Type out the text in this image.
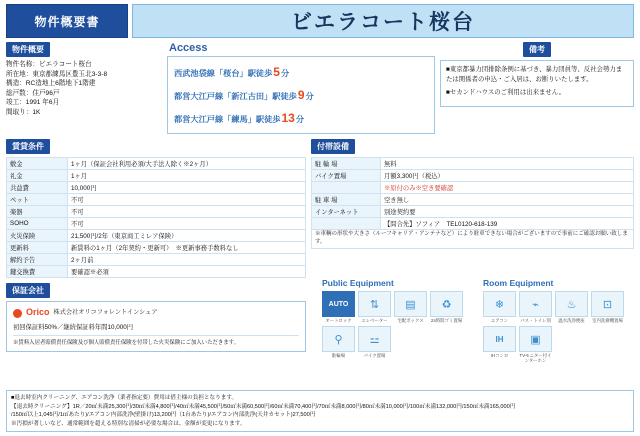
物件概要書	ビエラコート桜台
物件概要
物件名称：ビエラコート桜台
所在地：東京都練馬区豊玉北3‐3‐8
構造：RC造地上6階地下1階建
総戸数：住戸96戸
竣工：1991 年6月
間取り：1K
Access
西武池袋線「桜台」駅徒歩5分
都営大江戸線「新江古田」駅徒歩9分
都営大江戸線「練馬」駅徒歩13分
備考

■東京都暴力団排除条例に基づき、暴力団員等、反社会勢力または関係者の申込・ご入居は、お断りいたします。

■セカンドハウスのご利用は出来ません。

賃貸条件
敷金	1ヶ月（保証会社利用必須/大手法人除く※2ヶ月）
礼金	1ヶ月
共益費	10,000円
ペット	不可
楽器	不可
SOHO	不可
火災保険	21,500円/2年（東京商工ミレア保険）
更新料	新賃料の1ヶ月（2年契約・更新可）　※更新事務手数料なし
解約予告	2ヶ月前
鍵交換費	要確認※必須
付帯設備
駐 輪 場	無料
バイク置場	月額3,300円（税込）
	※原付のみ※空き要確認
駐 車 場	空き無し
インターネット	別途契約要
	【問合先】ソフィア　TEL0120‐618‐139
※車輌の形状や大きさ（ルーフキャリア・アンテナなど）により駐車できない場合がございますので事前にご確認お願い致します。	
保証会社
Orico 株式会社オリコフォレントインシュア
初回保証料50%／継続保証料年間10,000円
※賃料入居者賠償責任保険及び個人賠償責任保険を付帯した火災保険にご加入いただきます。
Public Equipment
AUTO
オートロック
⇅
エレベーター
▤
宅配ボックス
♻
24時間ゴミ置場
⚲
駐輪場
⚍
バイク置場
Room Equipment
❄
エアコン
⌁
バス・トイレ別
♨
温水洗浄便座
⊡
室内洗濯機置場
IH
IHコンロ
▣
TVモニター付インターホン

■退去時室内クリーニング、エアコン洗浄（業者指定要）費用は借主様の負担となります。

【退去時クリーニング】1R／20㎡未満25,300円/30㎡未満4,800円/40㎡未満45,500円/50㎡未満60,500円/60㎡未満70,400円/70㎡未満8,000円/80㎡未満10,000円/100㎡未満132,000円/150㎡未満165,000円

/150㎡以上1,045円/1㎡あたり)/エアコン内部洗浄(壁掛け)13,200円（1台あたり)/エアコン内部洗浄(天井カセット)27,500円

※汚損が著しいなど、通常範囲を超える特別な清掃が必要な場合は、金額が変更になります。
